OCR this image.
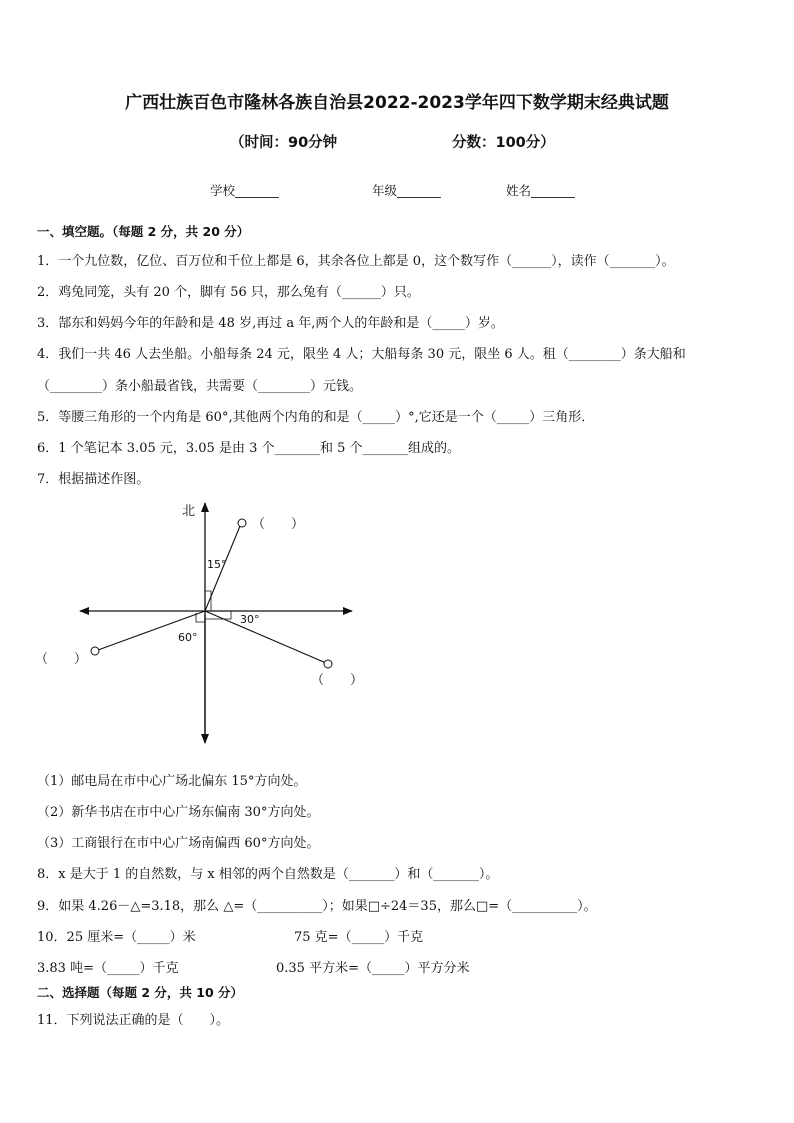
广西壮族百色市隆林各族自治县2022-2023学年四下数学期末经典试题
（时间：90分钟	分数：100分）
学校_______	年级_______	姓名_______
一、填空题。（每题 2 分，共 20 分）
1．一个九位数，亿位、百万位和千位上都是 6，其余各位上都是 0，这个数写作（______），读作（_______）。
2．鸡兔同笼，头有 20 个，脚有 56 只，那么兔有（______）只。
3．郜东和妈妈今年的年龄和是 48 岁,再过 a 年,两个人的年龄和是（_____）岁。
4．我们一共 46 人去坐船。小船每条 24 元，限坐 4 人；大船每条 30 元，限坐 6 人。租（________）条大船和
（________）条小船最省钱，共需要（________）元钱。
5．等腰三角形的一个内角是 60°,其他两个内角的和是（_____）°,它还是一个（_____）三角形．
6．1 个笔记本 3.05 元，3.05 是由 3 个_______和 5 个_______组成的。
7．根据描述作图。
北
（　　）
15°
（　　）
30°
（　　）
60°
（1）邮电局在市中心广场北偏东 15°方向处。
（2）新华书店在市中心广场东偏南 30°方向处。
（3）工商银行在市中心广场南偏西 60°方向处。
8．x 是大于 1 的自然数，与 x 相邻的两个自然数是（_______）和（_______）。
9．如果 4.26－△=3.18，那么 △=（__________）；如果□÷24＝35，那么□=（__________）。
10．25 厘米=（_____）米	75 克=（_____）千克
3.83 吨=（_____）千克	0.35 平方米=（_____）平方分米
二、选择题（每题 2 分，共 10 分）
11．下列说法正确的是（　　）。
